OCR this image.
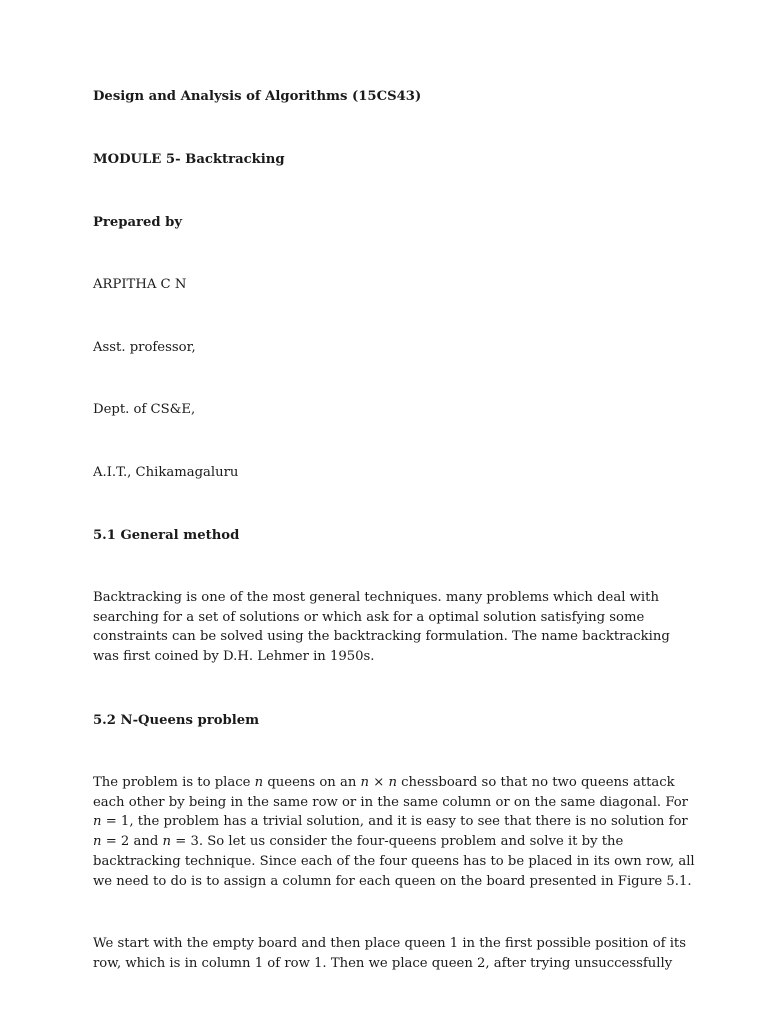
Design and Analysis of Algorithms (15CS43)
MODULE 5- Backtracking
Prepared by
ARPITHA C N
Asst. professor,
Dept. of CS&E,
A.I.T., Chikamagaluru
5.1 General method
Backtracking is one of the most general techniques. many problems which deal with
searching for a set of solutions or which ask for a optimal solution satisfying some
constraints can be solved using the backtracking formulation. The name backtracking
was first coined by D.H. Lehmer in 1950s.
5.2 N-Queens problem
The problem is to place n queens on an n × n chessboard so that no two queens attack
each other by being in the same row or in the same column or on the same diagonal. For
n = 1, the problem has a trivial solution, and it is easy to see that there is no solution for
n = 2 and n = 3. So let us consider the four-queens problem and solve it by the
backtracking technique. Since each of the four queens has to be placed in its own row, all
we need to do is to assign a column for each queen on the board presented in Figure 5.1.
We start with the empty board and then place queen 1 in the first possible position of its
row, which is in column 1 of row 1. Then we place queen 2, after trying unsuccessfully
